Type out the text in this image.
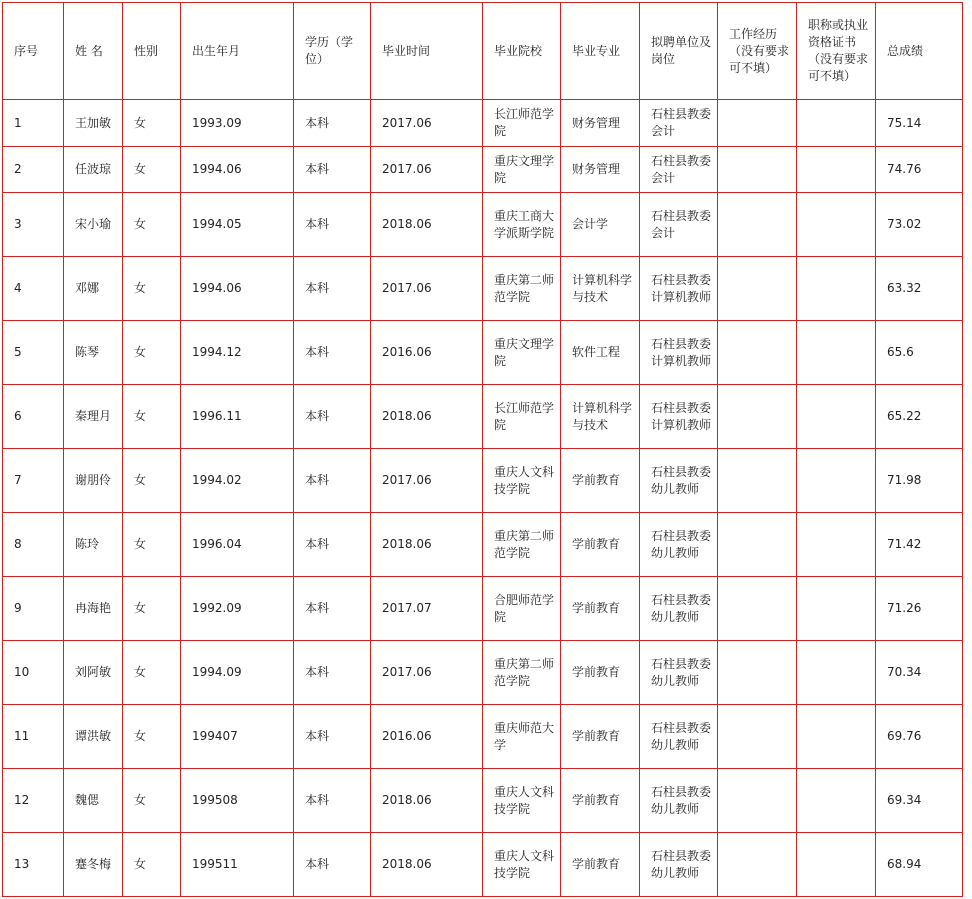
序号	姓 名	性别	出生年月	学历（学位）	毕业时间	毕业院校	毕业专业	拟聘单位及岗位	工作经历（没有要求可不填）	职称或执业资格证书（没有要求可不填）	总成绩
1	王加敏	女	1993.09	本科	2017.06	长江师范学院	财务管理	石柱县教委会计			75.14
2	任波琼	女	1994.06	本科	2017.06	重庆文理学院	财务管理	石柱县教委会计			74.76
3	宋小瑜	女	1994.05	本科	2018.06	重庆工商大学派斯学院	会计学	石柱县教委会计			73.02
4	邓娜	女	1994.06	本科	2017.06	重庆第二师范学院	计算机科学与技术	石柱县教委计算机教师			63.32
5	陈琴	女	1994.12	本科	2016.06	重庆文理学院	软件工程	石柱县教委计算机教师			65.6
6	秦理月	女	1996.11	本科	2018.06	长江师范学院	计算机科学与技术	石柱县教委计算机教师			65.22
7	谢朋伶	女	1994.02	本科	2017.06	重庆人文科技学院	学前教育	石柱县教委幼儿教师			71.98
8	陈玲	女	1996.04	本科	2018.06	重庆第二师范学院	学前教育	石柱县教委幼儿教师			71.42
9	冉海艳	女	1992.09	本科	2017.07	合肥师范学院	学前教育	石柱县教委幼儿教师			71.26
10	刘阿敏	女	1994.09	本科	2017.06	重庆第二师范学院	学前教育	石柱县教委幼儿教师			70.34
11	谭洪敏	女	199407	本科	2016.06	重庆师范大学	学前教育	石柱县教委幼儿教师			69.76
12	魏偲	女	199508	本科	2018.06	重庆人文科技学院	学前教育	石柱县教委幼儿教师			69.34
13	蹇冬梅	女	199511	本科	2018.06	重庆人文科技学院	学前教育	石柱县教委幼儿教师			68.94
